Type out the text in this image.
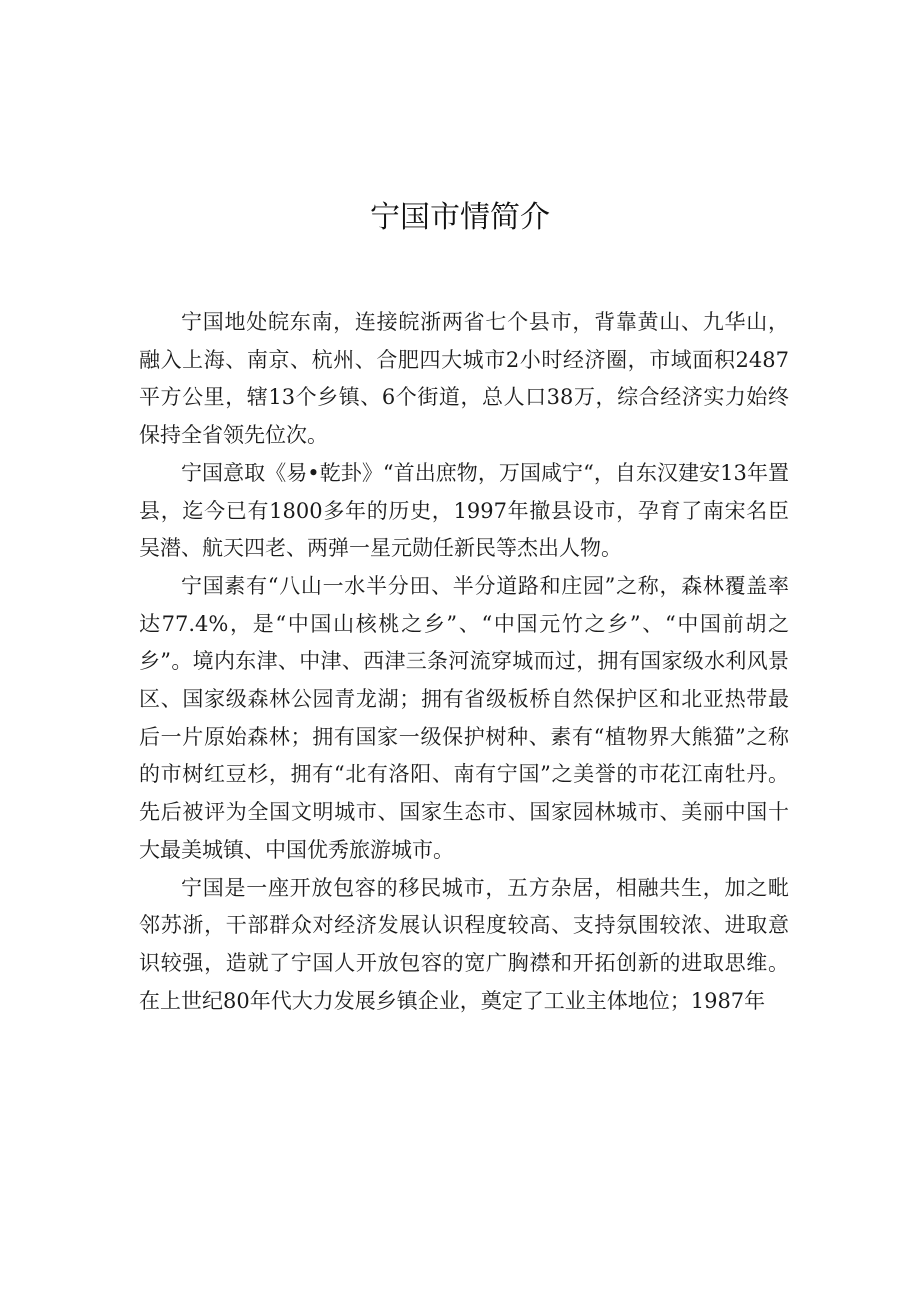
宁国市情简介

宁国地处皖东南，连接皖浙两省七个县市，背靠黄山、九华山，融入上海、南京、杭州、合肥四大城市2小时经济圈，市域面积2487平方公里，辖13个乡镇、6个街道，总人口38万，综合经济实力始终保持全省领先位次。

宁国意取《易•乾卦》“首出庶物，万国咸宁“，自东汉建安13年置县，迄今已有1800多年的历史，1997年撤县设市，孕育了南宋名臣吴潜、航天四老、两弹一星元勋任新民等杰出人物。

宁国素有“八山一水半分田、半分道路和庄园”之称，森林覆盖率达77.4%，是“中国山核桃之乡”、“中国元竹之乡”、“中国前胡之乡”。境内东津、中津、西津三条河流穿城而过，拥有国家级水利风景区、国家级森林公园青龙湖；拥有省级板桥自然保护区和北亚热带最后一片原始森林；拥有国家一级保护树种、素有“植物界大熊猫”之称的市树红豆杉，拥有“北有洛阳、南有宁国”之美誉的市花江南牡丹。先后被评为全国文明城市、国家生态市、国家园林城市、美丽中国十大最美城镇、中国优秀旅游城市。

宁国是一座开放包容的移民城市，五方杂居，相融共生，加之毗邻苏浙，干部群众对经济发展认识程度较高、支持氛围较浓、进取意识较强，造就了宁国人开放包容的宽广胸襟和开拓创新的进取思维。在上世纪80年代大力发展乡镇企业，奠定了工业主体地位；1987年
